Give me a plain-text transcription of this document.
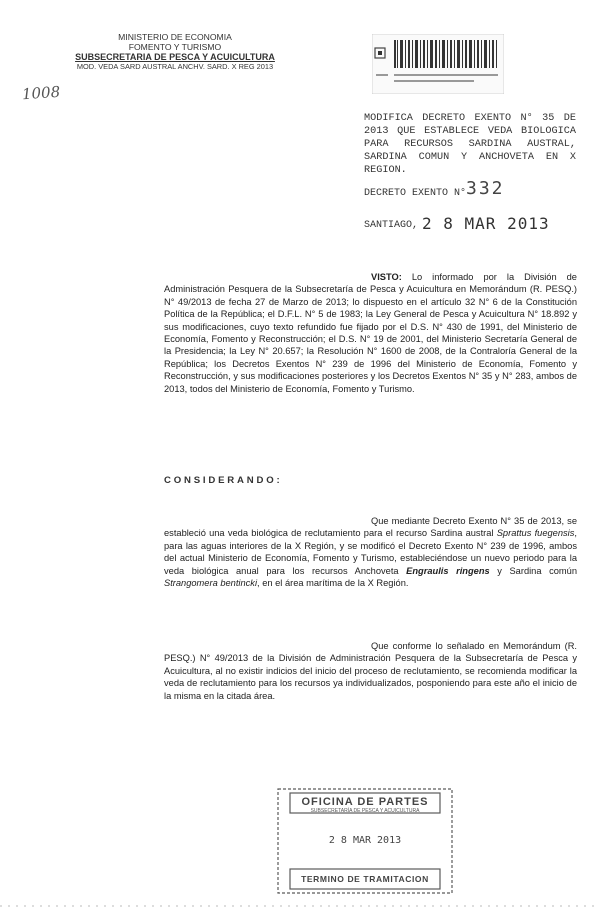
MINISTERIO DE ECONOMIA
FOMENTO Y TURISMO
SUBSECRETARIA DE PESCA Y ACUICULTURA
MOD. VEDA SARD AUSTRAL ANCHV. SARD. X REG 2013
1008
MODIFICA DECRETO EXENTO N° 35 DE 2013 QUE ESTABLECE VEDA BIOLOGICA PARA RECURSOS SARDINA AUSTRAL, SARDINA COMUN Y ANCHOVETA EN X REGION.
DECRETO EXENTO N° 332
SANTIAGO, 2 8 MAR 2013
VISTO: Lo informado por la División de Administración Pesquera de la Subsecretaría de Pesca y Acuicultura en Memorándum (R. PESQ.) N° 49/2013 de fecha 27 de Marzo de 2013; lo dispuesto en el artículo 32 N° 6 de la Constitución Política de la República; el D.F.L. N° 5 de 1983; la Ley General de Pesca y Acuicultura N° 18.892 y sus modificaciones, cuyo texto refundido fue fijado por el D.S. N° 430 de 1991, del Ministerio de Economía, Fomento y Reconstrucción; el D.S. N° 19 de 2001, del Ministerio Secretaría General de la Presidencia; la Ley N° 20.657; la Resolución N° 1600 de 2008, de la Contraloría General de la República; los Decretos Exentos N° 239 de 1996 del Ministerio de Economía, Fomento y Reconstrucción, y sus modificaciones posteriores y los Decretos Exentos N° 35 y N° 283, ambos de 2013, todos del Ministerio de Economía, Fomento y Turismo.
CONSIDERANDO:
Que mediante Decreto Exento N° 35 de 2013, se estableció una veda biológica de reclutamiento para el recurso Sardina austral Sprattus fuegensis, para las aguas interiores de la X Región, y se modificó el Decreto Exento N° 239 de 1996, ambos del actual Ministerio de Economía, Fomento y Turismo, estableciéndose un nuevo periodo para la veda biológica anual para los recursos Anchoveta Engraulis ringens y Sardina común Strangomera bentincki, en el área marítima de la X Región.
Que conforme lo señalado en Memorándum (R. PESQ.) N° 49/2013 de la División de Administración Pesquera de la Subsecretaría de Pesca y Acuicultura, al no existir indicios del inicio del proceso de reclutamiento, se recomienda modificar la veda de reclutamiento para los recursos ya individualizados, posponiendo para este año el inicio de la misma en la citada área.
OFICINA DE PARTES
SUBSECRETARÍA DE PESCA Y ACUICULTURA
2 8 MAR 2013
TERMINO DE TRAMITACION
